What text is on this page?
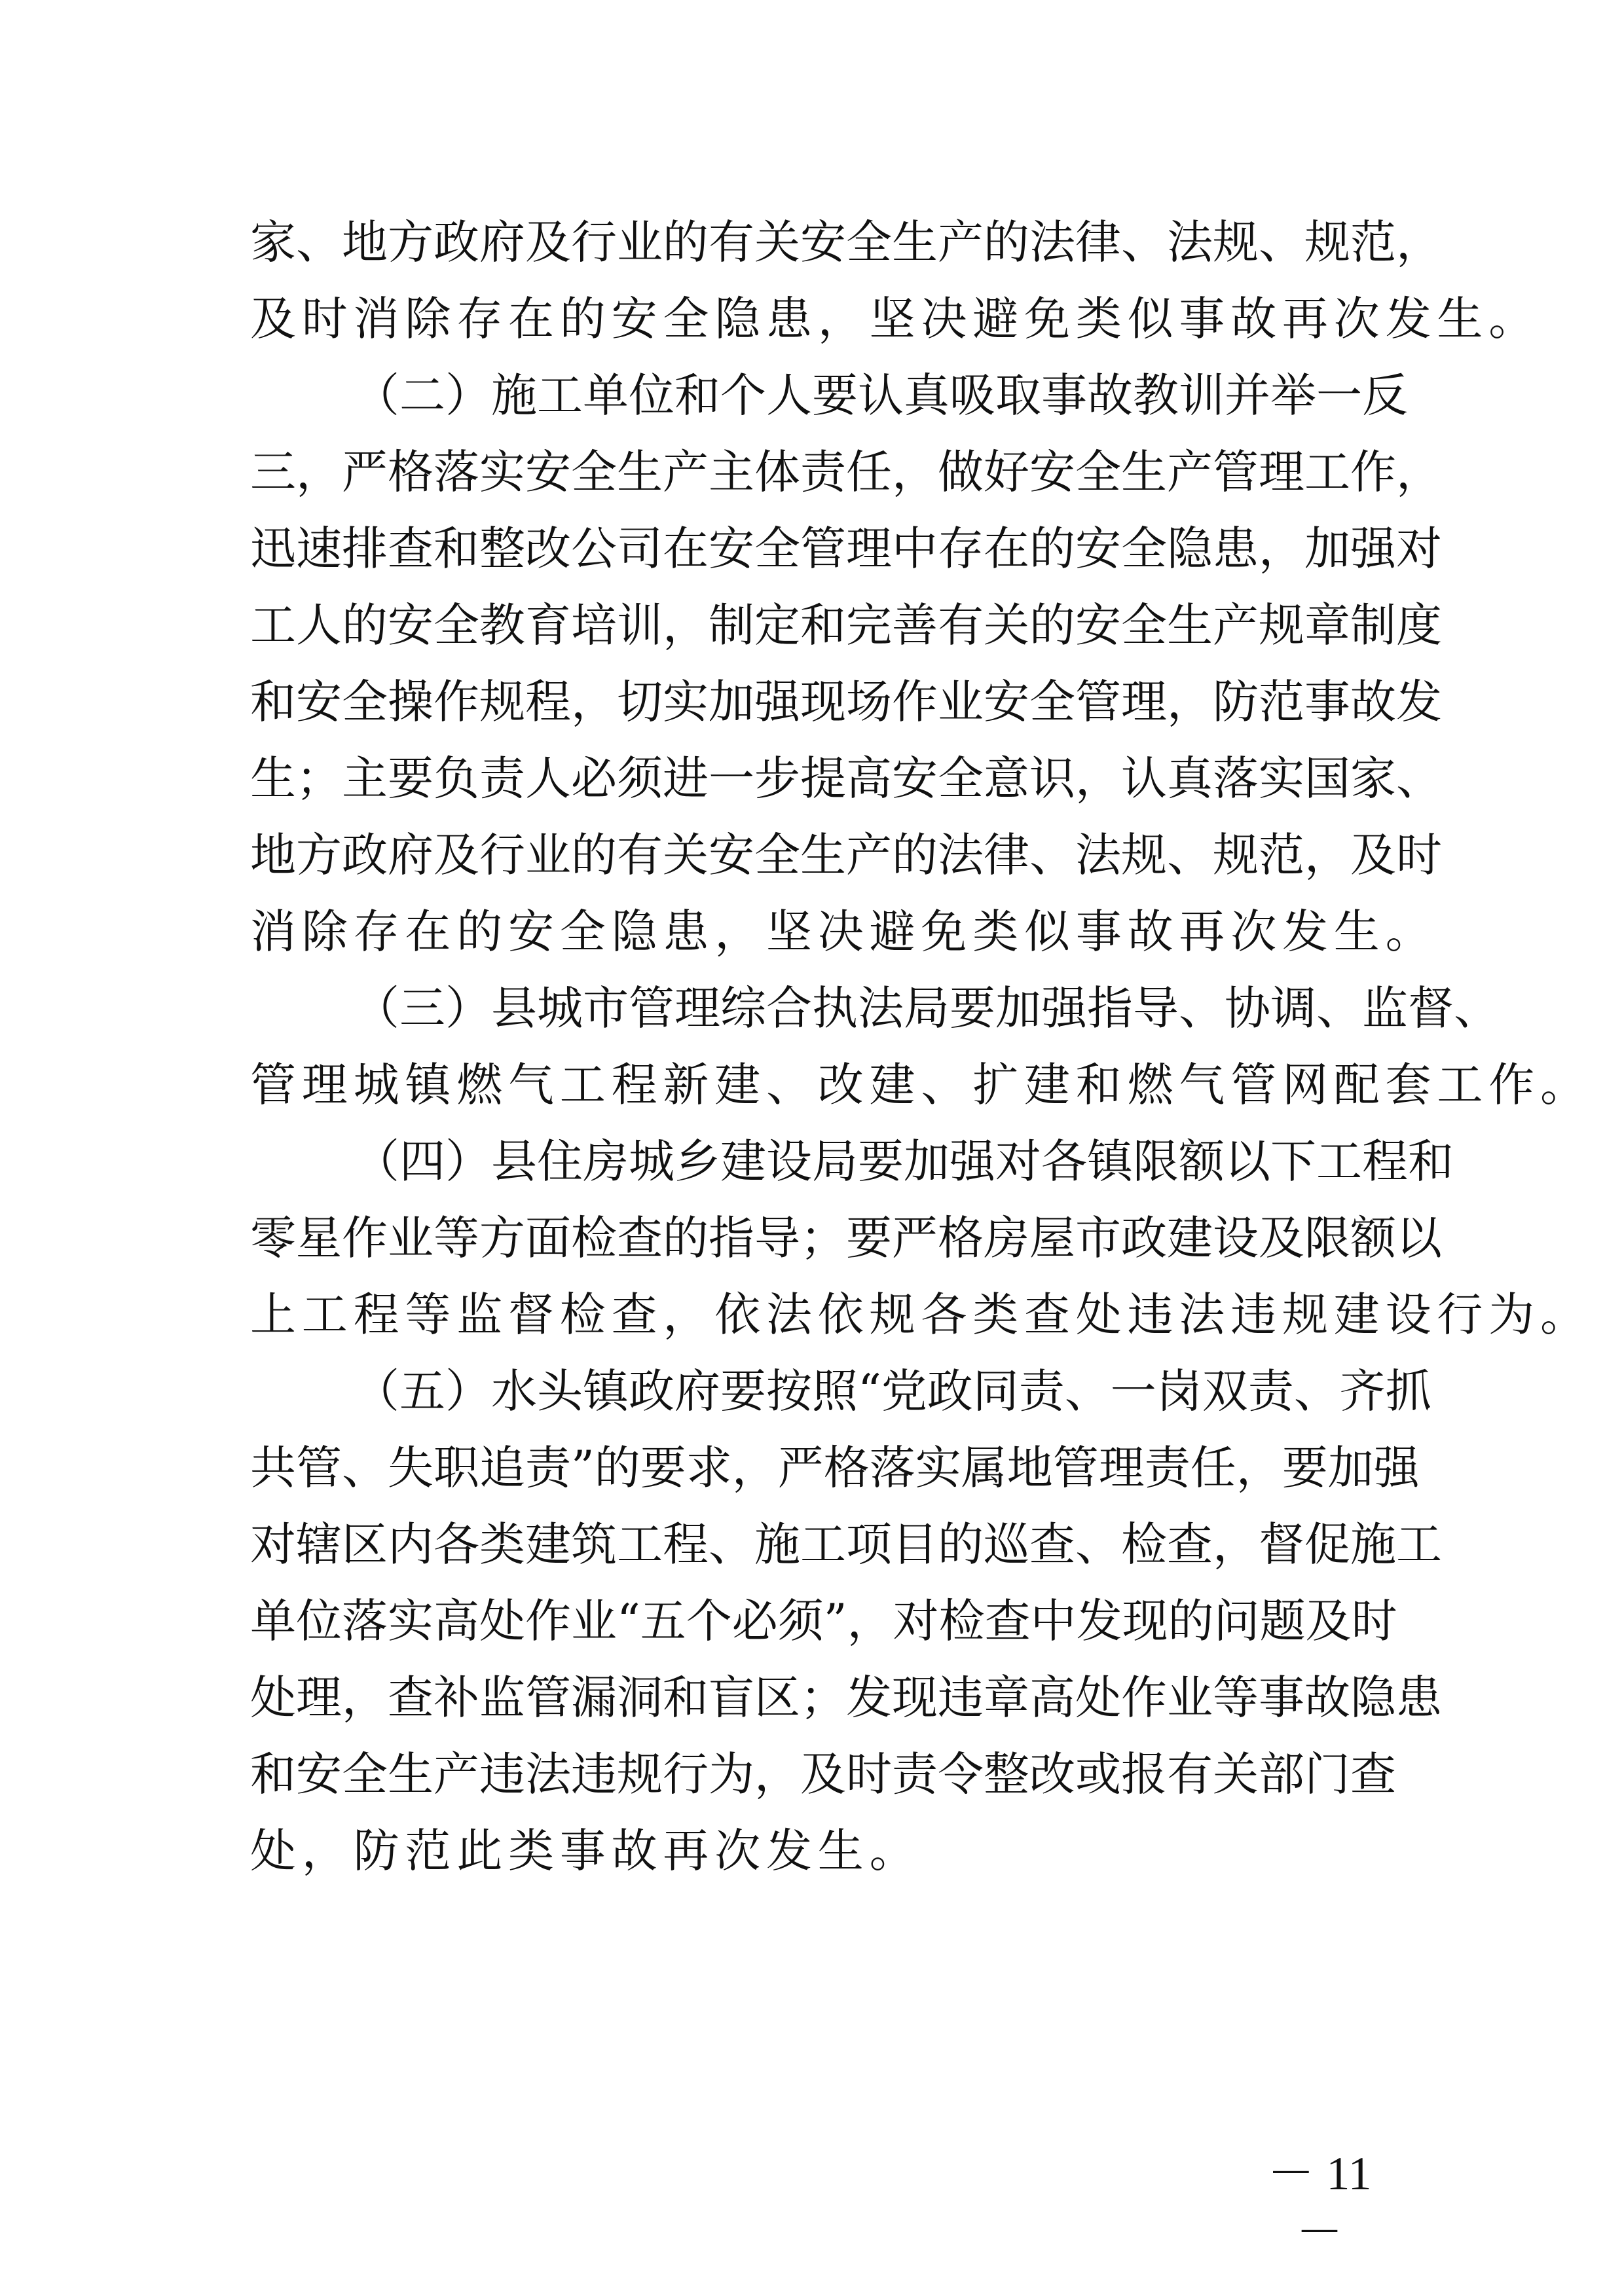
家、地方政府及行业的有关安全生产的法律、法规、规范，
及时消除存在的安全隐患，坚决避免类似事故再次发生。
（二）施工单位和个人要认真吸取事故教训并举一反
三，严格落实安全生产主体责任，做好安全生产管理工作，
迅速排查和整改公司在安全管理中存在的安全隐患，加强对
工人的安全教育培训，制定和完善有关的安全生产规章制度
和安全操作规程，切实加强现场作业安全管理，防范事故发
生；主要负责人必须进一步提高安全意识，认真落实国家、
地方政府及行业的有关安全生产的法律、法规、规范，及时
消除存在的安全隐患，坚决避免类似事故再次发生。
（三）县城市管理综合执法局要加强指导、协调、监督、
管理城镇燃气工程新建、改建、扩建和燃气管网配套工作。
（四）县住房城乡建设局要加强对各镇限额以下工程和
零星作业等方面检查的指导；要严格房屋市政建设及限额以
上工程等监督检查，依法依规各类查处违法违规建设行为。
（五）水头镇政府要按照“党政同责、一岗双责、齐抓
共管、失职追责”的要求，严格落实属地管理责任，要加强
对辖区内各类建筑工程、施工项目的巡查、检查，督促施工
单位落实高处作业“五个必须”，对检查中发现的问题及时
处理，查补监管漏洞和盲区；发现违章高处作业等事故隐患
和安全生产违法违规行为，及时责令整改或报有关部门查
处，防范此类事故再次发生。
－ 11 －
